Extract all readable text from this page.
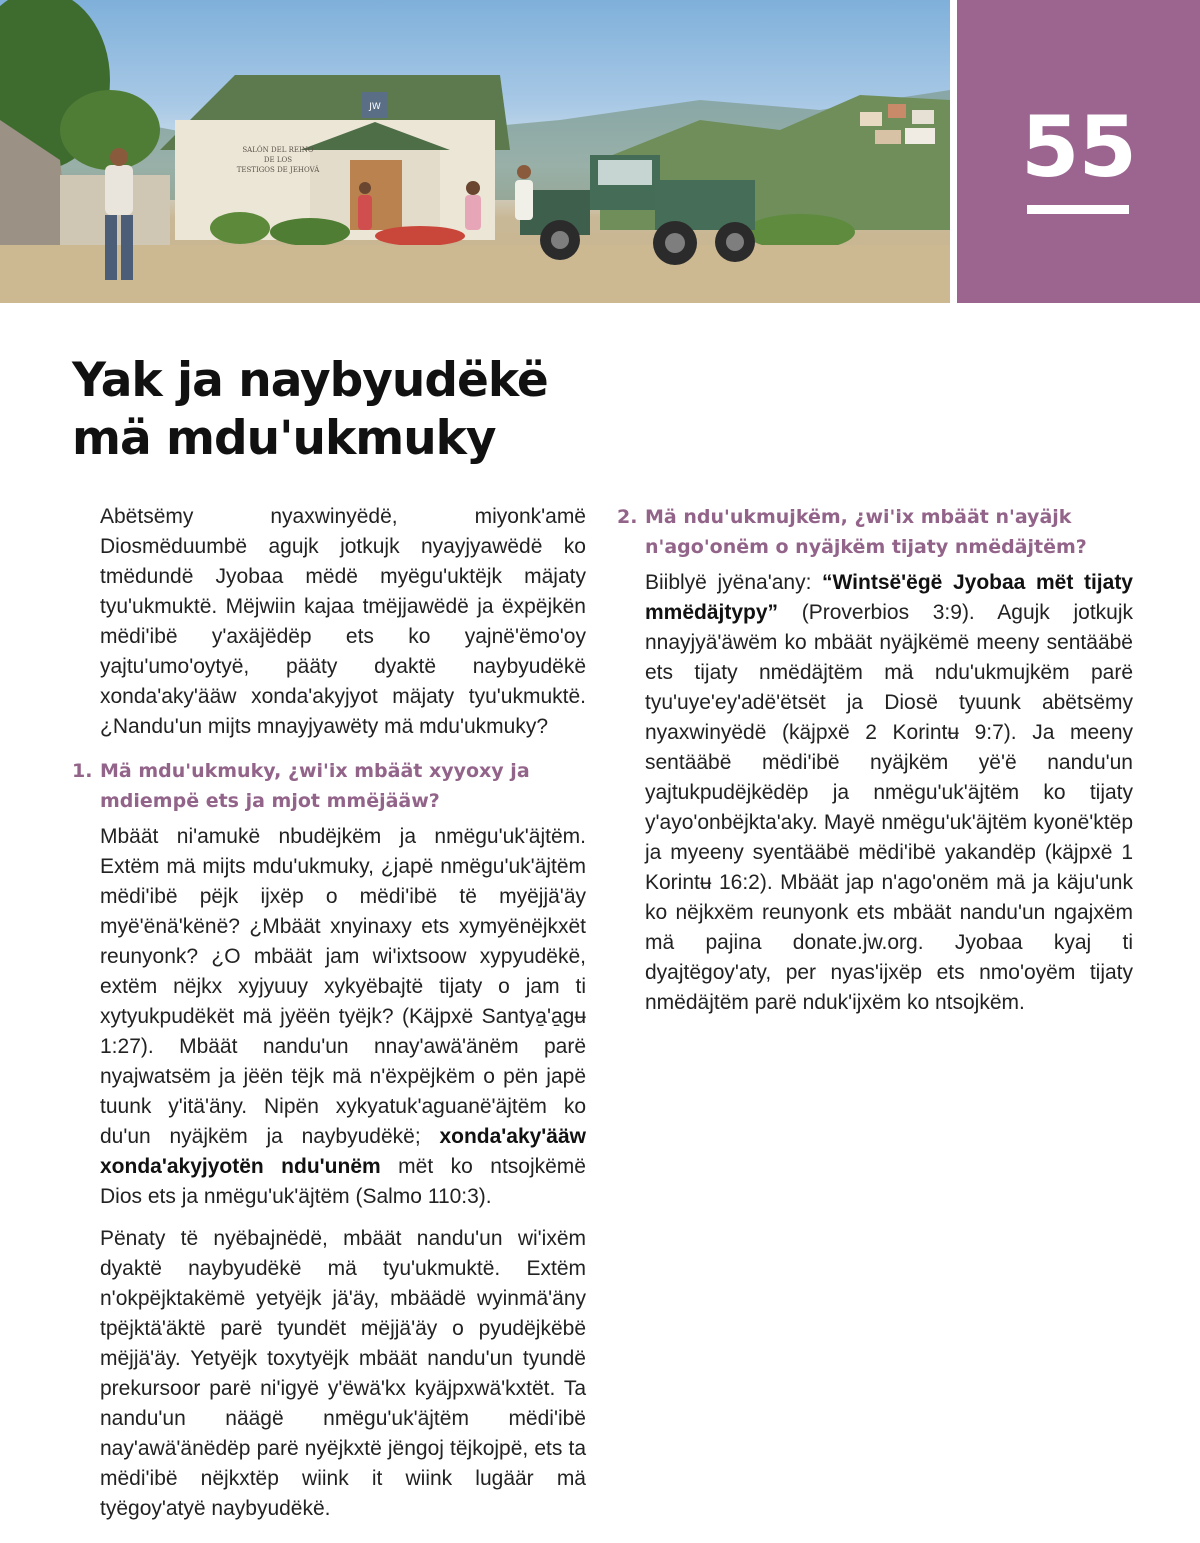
JW
SALÓN DEL REINO
DE LOS
TESTIGOS DE JEHOVÁ	55
Yak ja naybyudëkë
mä mdu'ukmuky

Abëtsëmy nyaxwinyëdë, miyonk'amë Diosmëduumbë agujk jotkujk nyayjyawëdë ko tmëdundë Jyobaa mëdë myëgu'uktëjk mäjaty tyu'ukmuktë. Mëjwiin kajaa tmëjjawëdë ja ëxpëjkën mëdi'ibë y'axäjëdëp ets ko yajnë'ëmo'oy yajtu'umo'oytyë, pääty dyaktë naybyudëkë xonda'aky'ääw xonda'akyjyot mäjaty tyu'ukmuktë. ¿Nandu'un mijts mnayjyawëty mä mdu'ukmuky?

1. Mä mdu'ukmuky, ¿wi'ix mbäät xyyoxy ja mdiempë ets ja mjot mmëjääw?

Mbäät ni'amukë nbudëjkëm ja nmëgu'uk'äjtëm. Extëm mä mijts mdu'ukmuky, ¿japë nmëgu'uk'äjtëm mëdi'ibë pëjk ijxëp o mëdi'ibë të myëjjä'äy myë'ënä'kënë? ¿Mbäät xnyinaxy ets xymyënëjkxët reunyonk? ¿O mbäät jam wi'ixtsoow xypyudëkë, extëm nëjkx xyjyuuy xykyëbajtë tijaty o jam ti xytyukpudëkët mä jyëën tyëjk? (Käjpxë Santya̱'a̱gʉ 1:27). Mbäät nandu'un nnay'awä'änëm parë nyajwatsëm ja jëën tëjk mä n'ëxpëjkëm o pën japë tuunk y'itä'äny. Nipën xykyatuk'aguanë'äjtëm ko du'un nyäjkëm ja naybyudëkë; xonda'aky'ääw xonda'akyjyotën ndu'unëm mët ko ntsojkëmë Dios ets ja nmëgu'uk'äjtëm (Salmo 110:3).

Pënaty të nyëbajnëdë, mbäät nandu'un wi'ixëm dyaktë naybyudëkë mä tyu'ukmuktë. Extëm n'okpëjktakëmë yetyëjk jä'äy, mbäädë wyinmä'äny tpëjktä'äktë parë tyundët mëjjä'äy o pyudëjkëbë mëjjä'äy. Yetyëjk toxytyëjk mbäät nandu'un tyundë prekursoor parë ni'igyë y'ëwä'kx kyäjpxwä'kxtët. Ta nandu'un näägë nmëgu'uk'äjtëm mëdi'ibë nay'awä'änëdëp parë nyëjkxtë jëngoj tëjkojpë, ets ta mëdi'ibë nëjkxtëp wiink it wiink lugäär mä tyëgoy'atyë naybyudëkë.

2. Mä ndu'ukmujkëm, ¿wi'ix mbäät n'ayäjk n'ago'onëm o nyäjkëm tijaty nmëdäjtëm?

Biiblyë jyëna'any: “Wintsë'ëgë Jyobaa mët tijaty mmëdäjtypy” (Proverbios 3:9). Agujk jotkujk nnayjyä'äwëm ko mbäät nyäjkëmë meeny sentääbë ets tijaty nmëdäjtëm mä ndu'ukmujkëm parë tyu'uye'ey'adë'ëtsët ja Diosë tyuunk abëtsëmy nyaxwinyëdë (käjpxë 2 Korintʉ 9:7). Ja meeny sentääbë mëdi'ibë nyäjkëm yë'ë nandu'un yajtukpudëjkëdëp ja nmëgu'uk'äjtëm ko tijaty y'ayo'onbëjkta'aky. Mayë nmëgu'uk'äjtëm kyonë'ktëp ja myeeny syentääbë mëdi'ibë yakandëp (käjpxë 1 Korintʉ 16:2). Mbäät jap n'ago'onëm mä ja käju'unk ko nëjkxëm reunyonk ets mbäät nandu'un ngajxëm mä pajina donate.jw.org. Jyobaa kyaj ti dyajtëgoy'aty, per nyas'ijxëp ets nmo'oyëm tijaty nmëdäjtëm parë nduk'ijxëm ko ntsojkëm.
